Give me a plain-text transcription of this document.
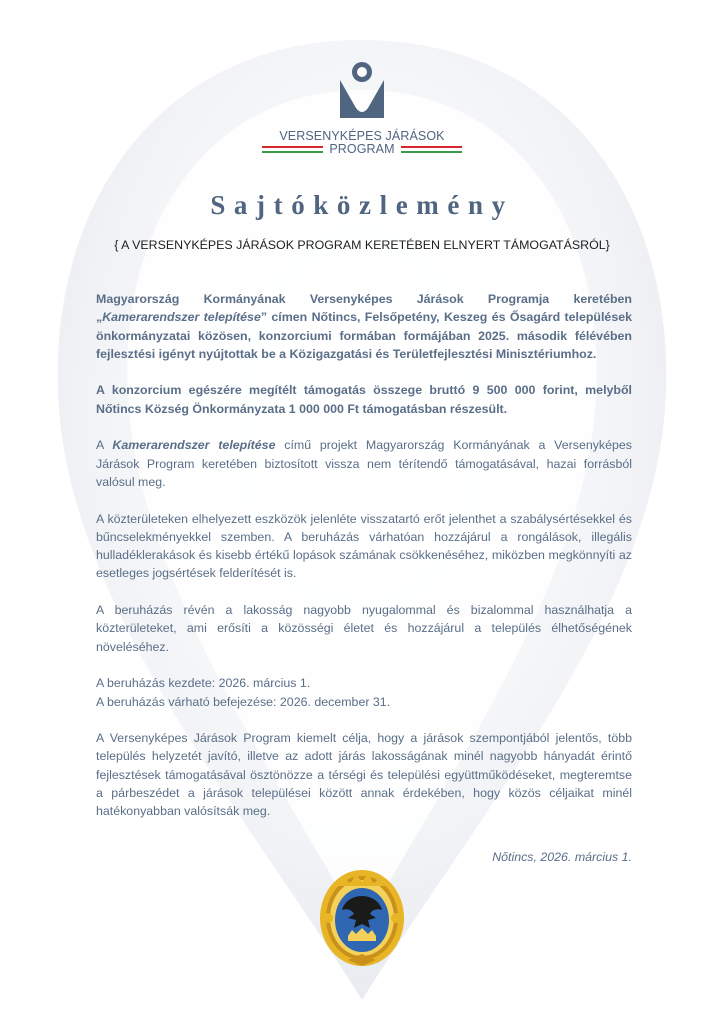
VERSENYKÉPES JÁRÁSOK
PROGRAM
Sajtóközlemény
{ A VERSENYKÉPES JÁRÁSOK PROGRAM KERETÉBEN ELNYERT TÁMOGATÁSRÓL}

Magyarország Kormányának Versenyképes Járások Programja keretében „Kamerarendszer telepítése” címen Nőtincs, Felsőpetény, Keszeg és Ősagárd települések önkormányzatai közösen, konzorciumi formában formájában 2025. második félévében fejlesztési igényt nyújtottak be a Közigazgatási és Területfejlesztési Minisztériumhoz.

A konzorcium egészére megítélt támogatás összege bruttó 9 500 000 forint, melyből Nőtincs Község Önkormányzata 1 000 000 Ft támogatásban részesült.

A Kamerarendszer telepítése című projekt Magyarország Kormányának a Versenyképes Járások Program keretében biztosított vissza nem térítendő támogatásával, hazai forrásból valósul meg.

A közterületeken elhelyezett eszközök jelenléte visszatartó erőt jelenthet a szabálysértésekkel és bűncselekményekkel szemben. A beruházás várhatóan hozzájárul a rongálások, illegális hulladéklerakások és kisebb értékű lopások számának csökkenéséhez, miközben megkönnyíti az esetleges jogsértések felderítését is.

A beruházás révén a lakosság nagyobb nyugalommal és bizalommal használhatja a közterületeket, ami erősíti a közösségi életet és hozzájárul a település élhetőségének növeléséhez.

A beruházás kezdete: 2026. március 1.

A beruházás várható befejezése: 2026. december 31.

A Versenyképes Járások Program kiemelt célja, hogy a járások szempontjából jelentős, több település helyzetét javító, illetve az adott járás lakosságának minél nagyobb hányadát érintő fejlesztések támogatásával ösztönözze a térségi és települési együttműködéseket, megteremtse a párbeszédet a járások települései között annak érdekében, hogy közös céljaikat minél hatékonyabban valósítsák meg.

Nőtincs, 2026. március 1.
